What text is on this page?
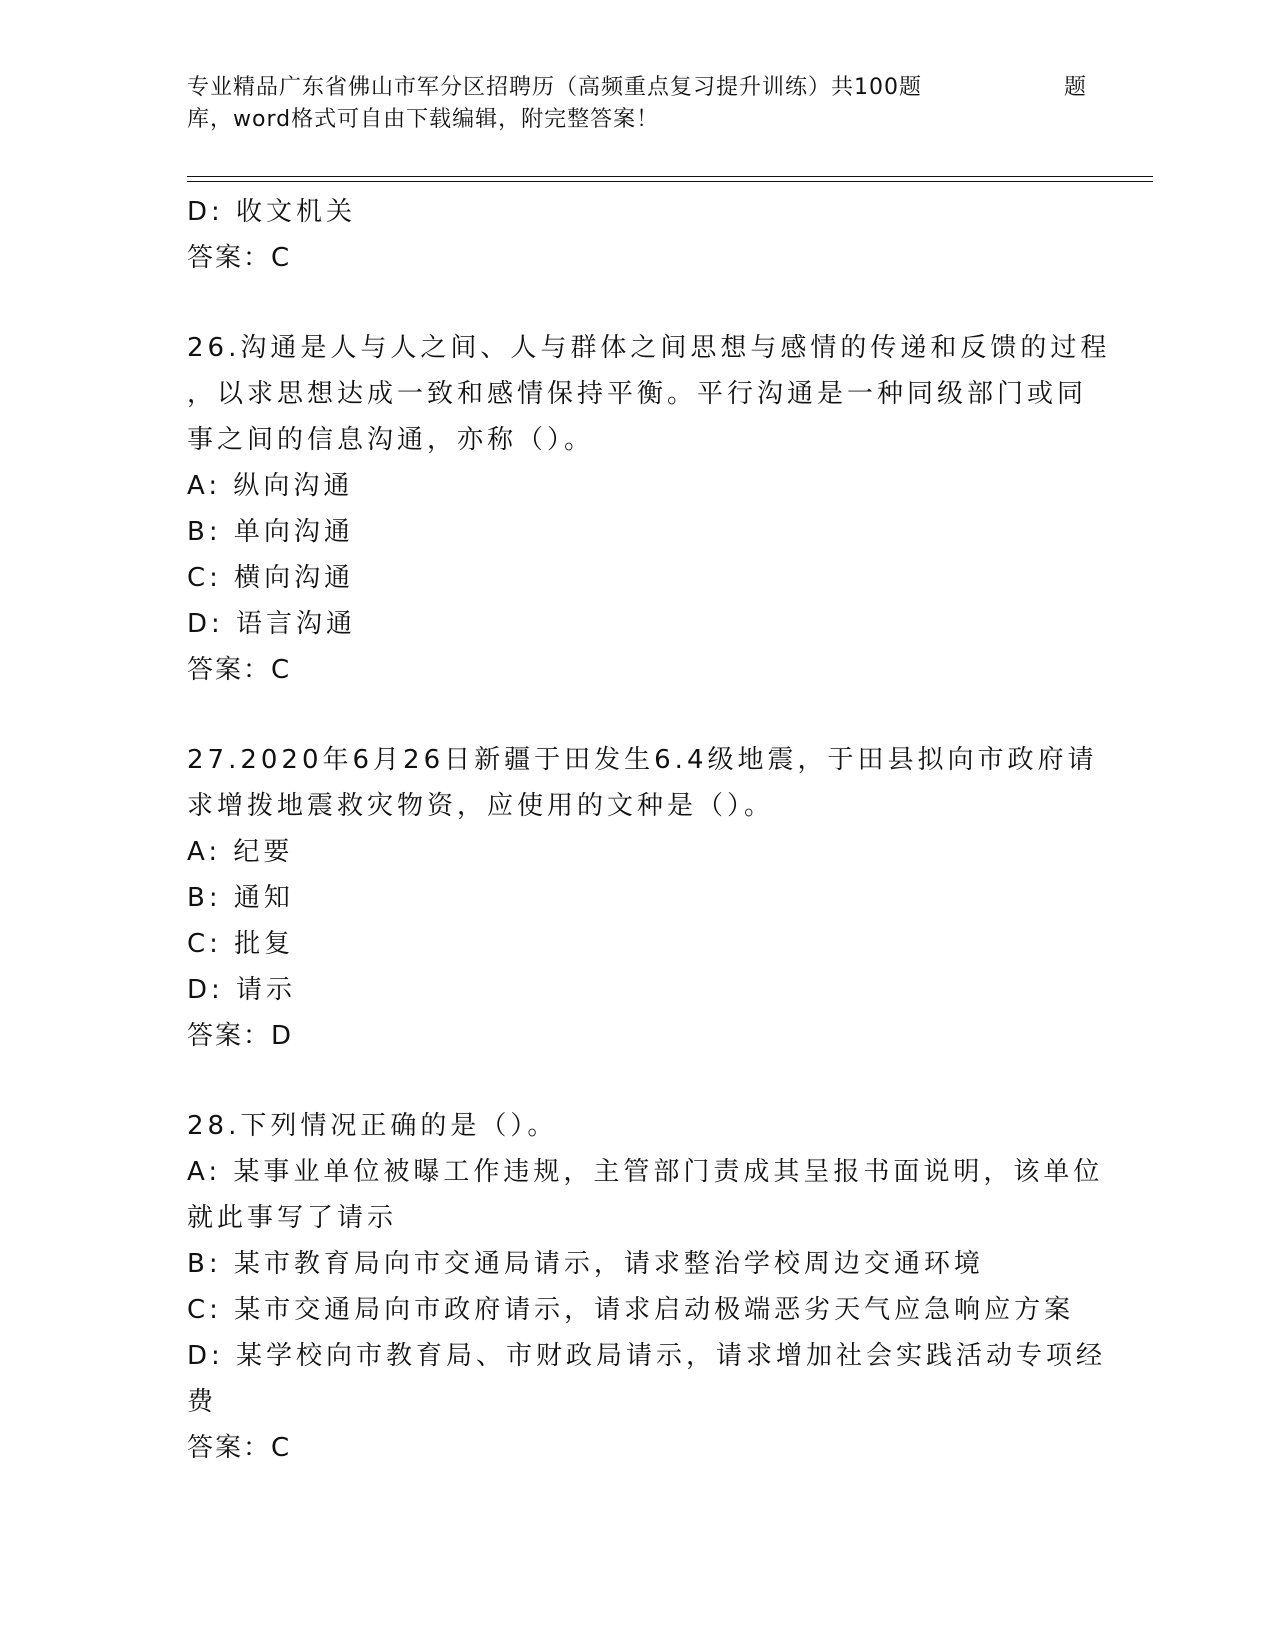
专业精品广东省佛山市军分区招聘历（高频重点复习提升训练）共100题	题
库，word格式可自由下载编辑，附完整答案！
D: 收文机关
答案：C
26.沟通是人与人之间、人与群体之间思想与感情的传递和反馈的过程
，以求思想达成一致和感情保持平衡。平行沟通是一种同级部门或同
事之间的信息沟通，亦称（）。
A: 纵向沟通
B: 单向沟通
C: 横向沟通
D: 语言沟通
答案：C
27.2020年6月26日新疆于田发生6.4级地震，于田县拟向市政府请
求增拨地震救灾物资，应使用的文种是（）。
A: 纪要
B: 通知
C: 批复
D: 请示
答案：D
28.下列情况正确的是（）。
A: 某事业单位被曝工作违规，主管部门责成其呈报书面说明，该单位
就此事写了请示
B: 某市教育局向市交通局请示，请求整治学校周边交通环境
C: 某市交通局向市政府请示，请求启动极端恶劣天气应急响应方案
D: 某学校向市教育局、市财政局请示，请求增加社会实践活动专项经
费
答案：C
